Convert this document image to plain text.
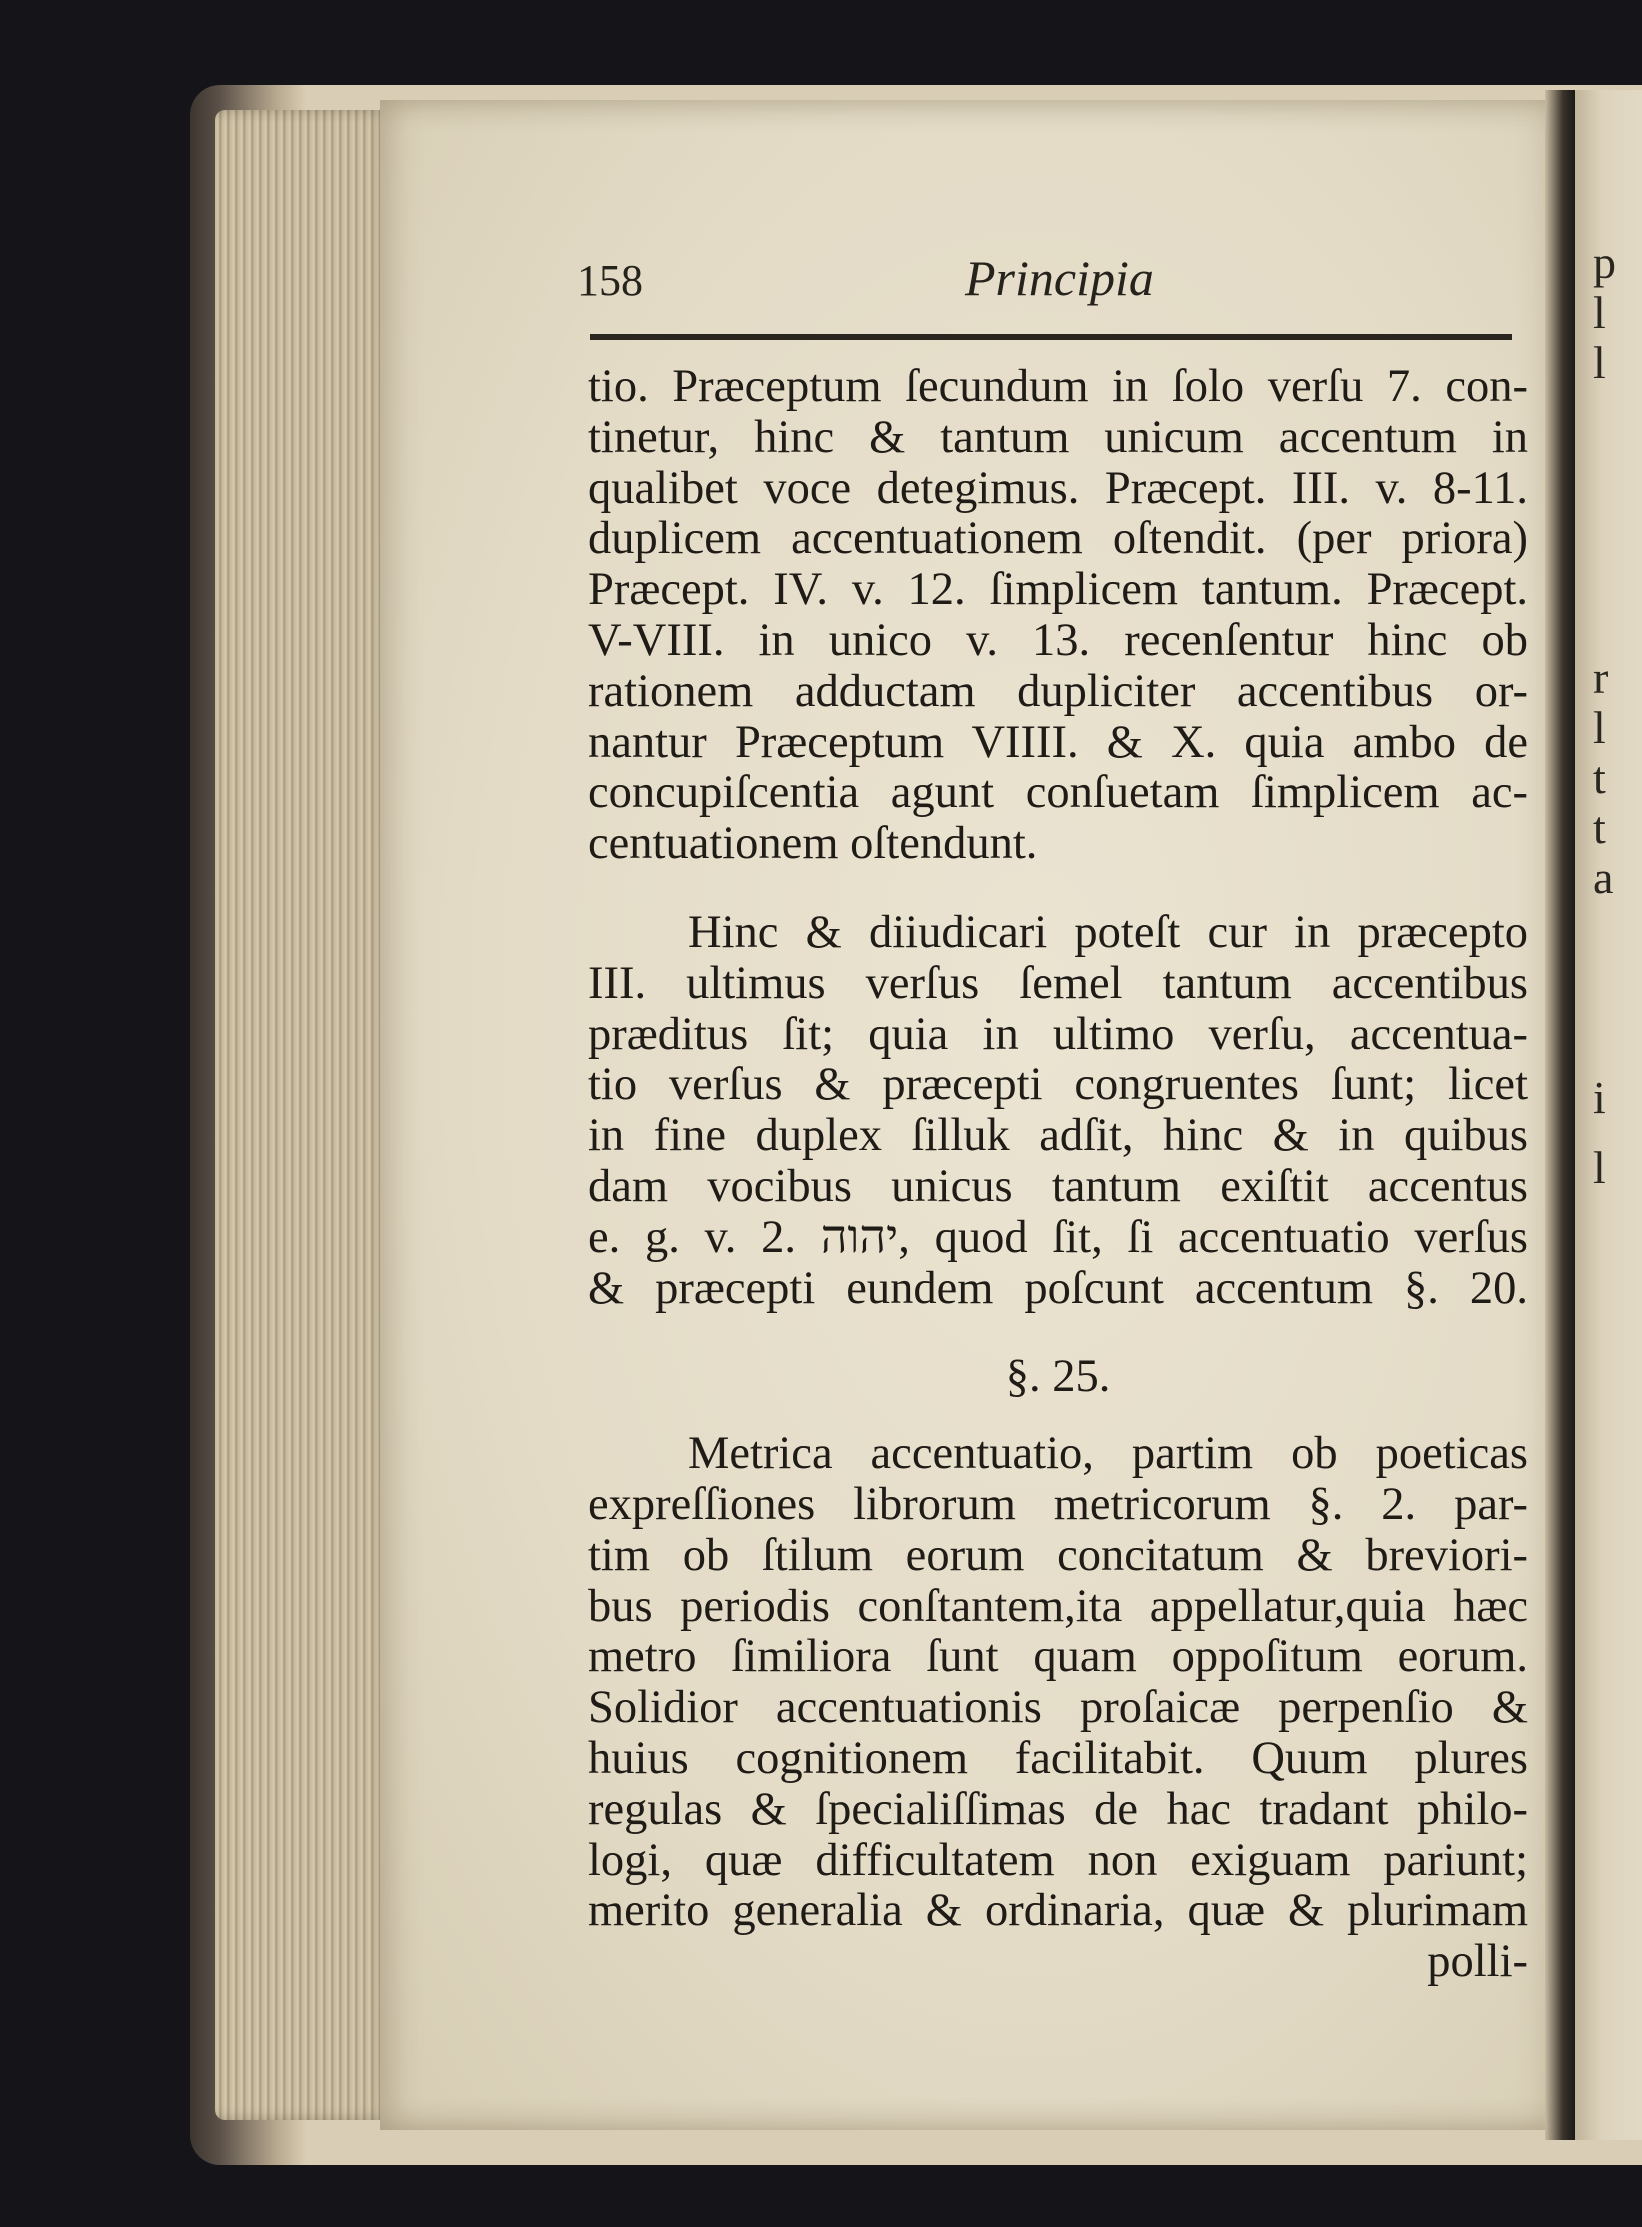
p
l
l
r
l
t
t
a
i
l
158	Principia
tio. Præceptum ſecundum in ſolo verſu 7. con-
tinetur, hinc & tantum unicum accentum in
qualibet voce detegimus. Præcept. III. v. 8-11.
duplicem accentuationem oſtendit. (per priora)
Præcept. IV. v. 12. ſimplicem tantum. Præcept.
V-VIII. in unico v. 13. recenſentur hinc ob
rationem adductam dupliciter accentibus or-
nantur Præceptum VIIII. & X. quia ambo de
concupiſcentia agunt conſuetam ſimplicem ac-
centuationem oſtendunt.
Hinc & diiudicari poteſt cur in præcepto
III. ultimus verſus ſemel tantum accentibus
præditus ſit; quia in ultimo verſu, accentua-
tio verſus & præcepti congruentes ſunt; licet
in fine duplex ſilluk adſit, hinc & in quibus
dam vocibus unicus tantum exiſtit accentus
e. g. v. 2. יהוה, quod ſit, ſi accentuatio verſus
& præcepti eundem poſcunt accentum §. 20.
§. 25.
Metrica accentuatio, partim ob poeticas
expreſſiones librorum metricorum §. 2. par-
tim ob ſtilum eorum concitatum & breviori-
bus periodis conſtantem,ita appellatur,quia hæc
metro ſimiliora ſunt quam oppoſitum eorum.
Solidior accentuationis proſaicæ perpenſio &
huius cognitionem facilitabit. Quum plures
regulas & ſpecialiſſimas de hac tradant philo-
logi, quæ difficultatem non exiguam pariunt;
merito generalia & ordinaria, quæ & plurimam
polli-
